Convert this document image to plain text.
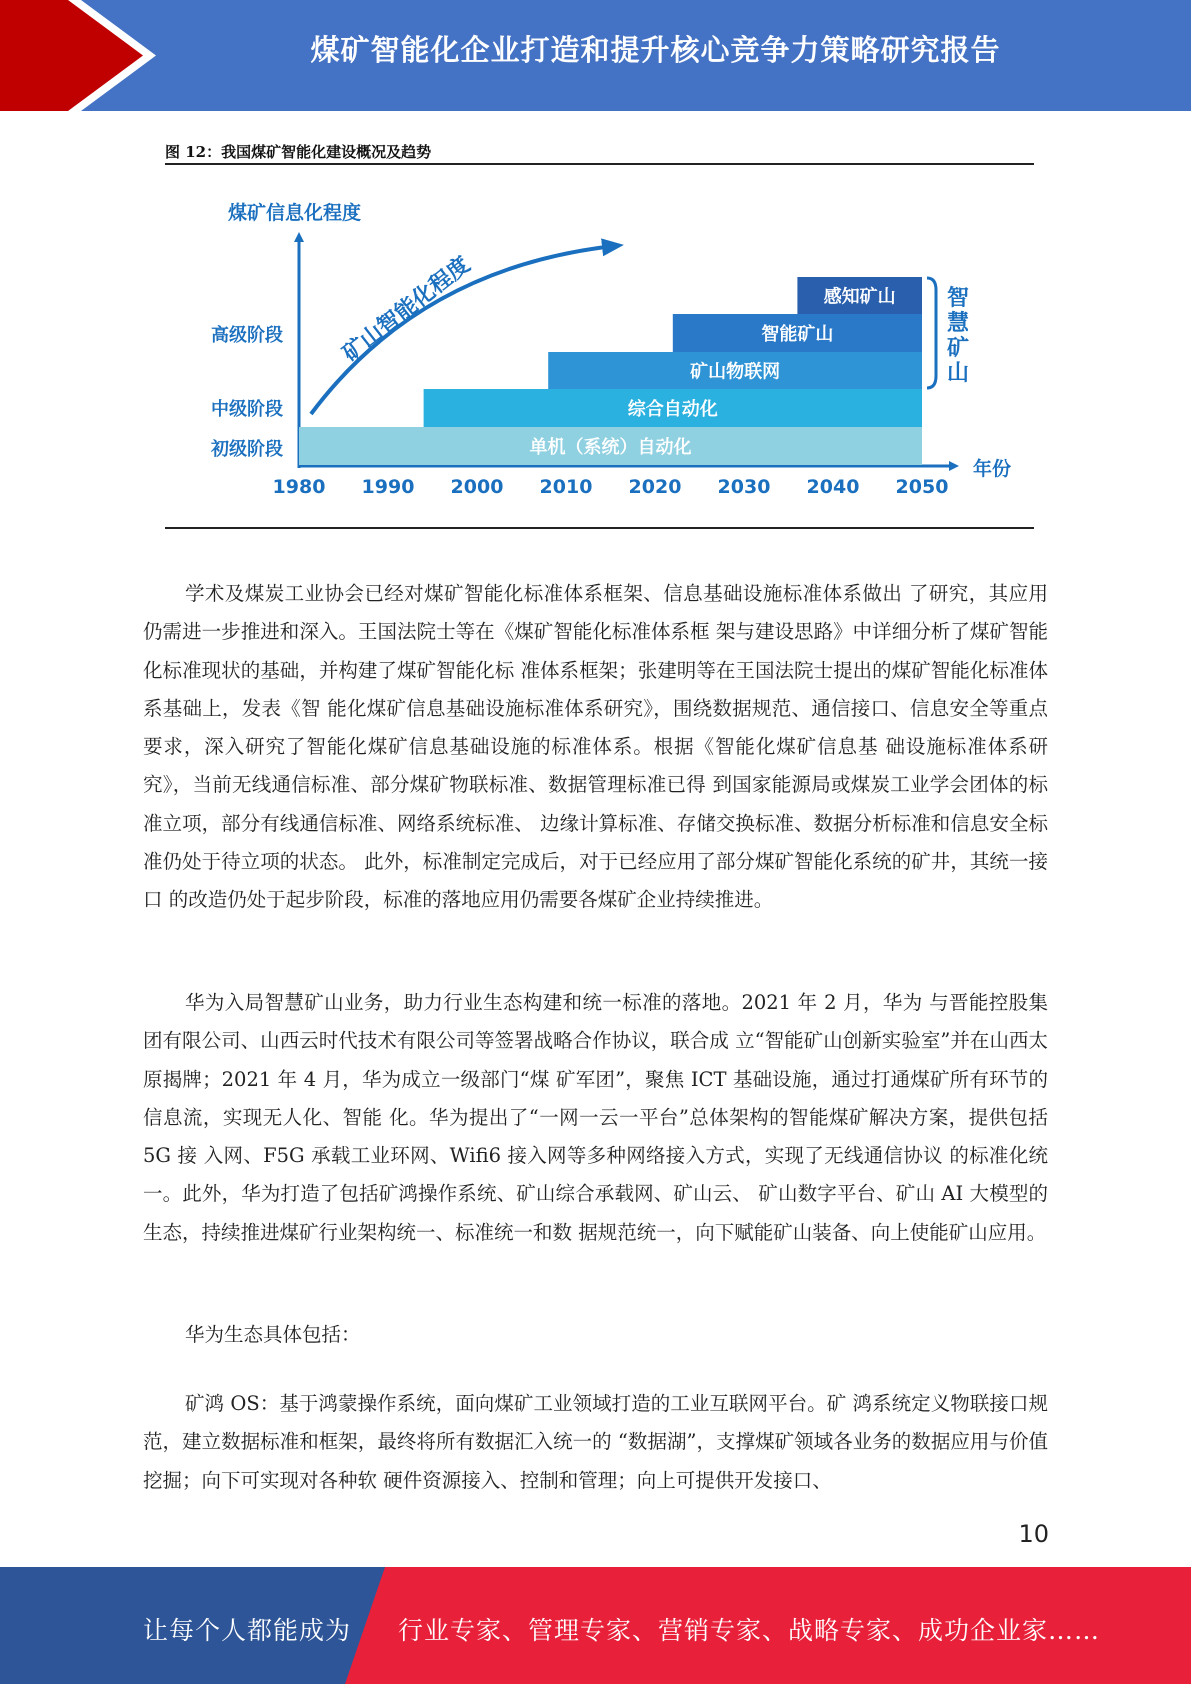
煤矿智能化企业打造和提升核心竞争力策略研究报告
图 12：我国煤矿智能化建设概况及趋势
煤矿信息化程度
年份
初级阶段
中级阶段
高级阶段	矿山智能化程度
单机（系统）自动化
综合自动化
矿山物联网
智能矿山
感知矿山
1980 1990 2000 2010 2020 2030 2040 2050
智慧矿山

学术及煤炭工业协会已经对煤矿智能化标准体系框架、信息基础设施标准体系做出 了研究，其应用仍需进一步推进和深入。王国法院士等在《煤矿智能化标准体系框 架与建设思路》中详细分析了煤矿智能化标准现状的基础，并构建了煤矿智能化标 准体系框架；张建明等在王国法院士提出的煤矿智能化标准体系基础上，发表《智 能化煤矿信息基础设施标准体系研究》，围绕数据规范、通信接口、信息安全等重点 要求，深入研究了智能化煤矿信息基础设施的标准体系。根据《智能化煤矿信息基 础设施标准体系研究》，当前无线通信标准、部分煤矿物联标准、数据管理标准已得 到国家能源局或煤炭工业学会团体的标准立项，部分有线通信标准、网络系统标准、 边缘计算标准、存储交换标准、数据分析标准和信息安全标准仍处于待立项的状态。 此外，标准制定完成后，对于已经应用了部分煤矿智能化系统的矿井，其统一接口 的改造仍处于起步阶段，标准的落地应用仍需要各煤矿企业持续推进。

华为入局智慧矿山业务，助力行业生态构建和统一标准的落地。2021 年 2 月，华为 与晋能控股集团有限公司、山西云时代技术有限公司等签署战略合作协议，联合成 立“智能矿山创新实验室”并在山西太原揭牌；2021 年 4 月，华为成立一级部门“煤 矿军团”，聚焦 ICT 基础设施，通过打通煤矿所有环节的信息流，实现无人化、智能 化。华为提出了“一网一云一平台”总体架构的智能煤矿解决方案，提供包括 5G 接 入网、F5G 承载工业环网、Wifi6 接入网等多种网络接入方式，实现了无线通信协议 的标准化统一。此外，华为打造了包括矿鸿操作系统、矿山综合承载网、矿山云、 矿山数字平台、矿山 AI 大模型的生态，持续推进煤矿行业架构统一、标准统一和数 据规范统一，向下赋能矿山装备、向上使能矿山应用。

华为生态具体包括：

矿鸿 OS：基于鸿蒙操作系统，面向煤矿工业领域打造的工业互联网平台。矿 鸿系统定义物联接口规范，建立数据标准和框架，最终将所有数据汇入统一的 “数据湖”，支撑煤矿领域各业务的数据应用与价值挖掘；向下可实现对各种软 硬件资源接入、控制和管理；向上可提供开发接口、

10
让每个人都能成为 行业专家、管理专家、营销专家、战略专家、成功企业家……
